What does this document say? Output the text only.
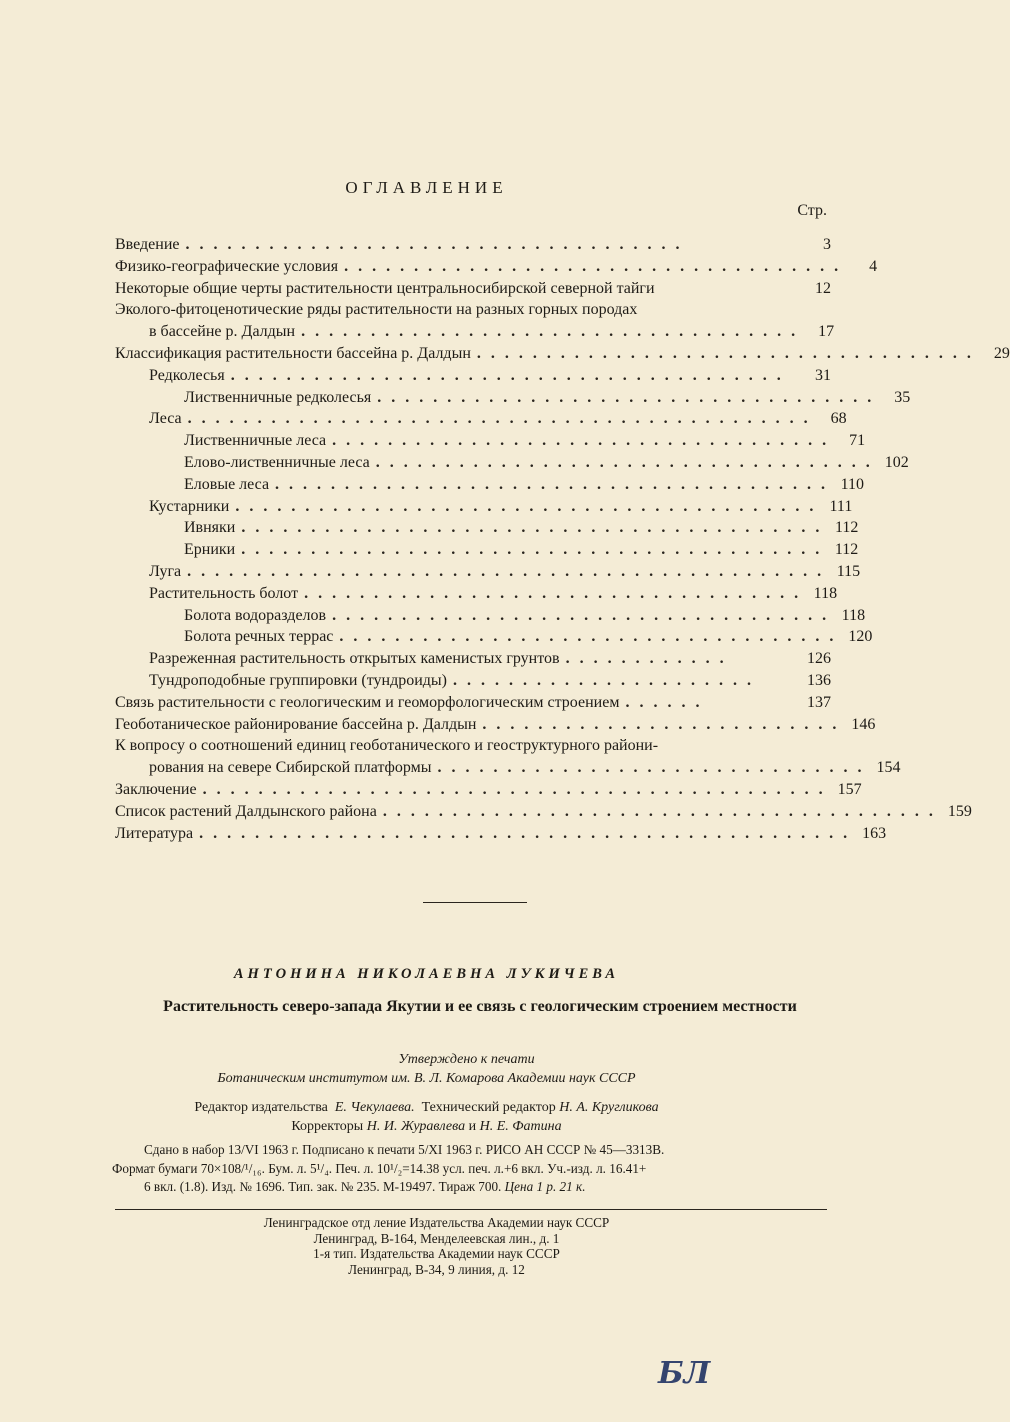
ОГЛАВЛЕНИЕ
Стр.
Введение . . . . . . . . . . . . . . . . . . . . . . . . . . . . . . . . . . . .	3
Физико-географические условия . . . . . . . . . . . . . . . . . . . . . . . . . . . . . . . . . . . .	4
Некоторые общие черты растительности центральносибирской северной тайги	12
Эколого-фитоценотические ряды растительности на разных горных породах
в бассейне р. Далдын . . . . . . . . . . . . . . . . . . . . . . . . . . . . . . . . . . . .	17
Классификация растительности бассейна р. Далдын . . . . . . . . . . . . . . . . . . . . . . . . . . . . . . . . . . . .	29
Редколесья . . . . . . . . . . . . . . . . . . . . . . . . . . . . . . . . . . . . . . . .	31
Лиственничные редколесья . . . . . . . . . . . . . . . . . . . . . . . . . . . . . . . . . . . .	35
Леса . . . . . . . . . . . . . . . . . . . . . . . . . . . . . . . . . . . . . . . . . . . . .	68
Лиственничные леса . . . . . . . . . . . . . . . . . . . . . . . . . . . . . . . . . . . .	71
Елово-лиственничные леса . . . . . . . . . . . . . . . . . . . . . . . . . . . . . . . . . . . . 102
Еловые леса . . . . . . . . . . . . . . . . . . . . . . . . . . . . . . . . . . . . . . . . 110
Кустарники . . . . . . . . . . . . . . . . . . . . . . . . . . . . . . . . . . . . . . . . . . 111
Ивняки . . . . . . . . . . . . . . . . . . . . . . . . . . . . . . . . . . . . . . . . . . 112
Ерники . . . . . . . . . . . . . . . . . . . . . . . . . . . . . . . . . . . . . . . . . . 112
Луга . . . . . . . . . . . . . . . . . . . . . . . . . . . . . . . . . . . . . . . . . . . . . . 115
Растительность болот . . . . . . . . . . . . . . . . . . . . . . . . . . . . . . . . . . . . 118
Болота водоразделов . . . . . . . . . . . . . . . . . . . . . . . . . . . . . . . . . . . . 118
Болота речных террас . . . . . . . . . . . . . . . . . . . . . . . . . . . . . . . . . . . . 120
Разреженная растительность открытых каменистых грунтов . . . . . . . . . . . .	126
Тундроподобные группировки (тундроиды) . . . . . . . . . . . . . . . . . . . . . .	136
Связь растительности с геологическим и геоморфологическим строением . . . . . .	137
Геоботаническое районирование бассейна р. Далдын . . . . . . . . . . . . . . . . . . . . . . . . . . 146
К вопросу о соотношений единиц геоботанического и геоструктурного райони-
рования на севере Сибирской платформы . . . . . . . . . . . . . . . . . . . . . . . . . . . . . . . 154
Заключение . . . . . . . . . . . . . . . . . . . . . . . . . . . . . . . . . . . . . . . . . . . . . 157
Список растений Далдынского района . . . . . . . . . . . . . . . . . . . . . . . . . . . . . . . . . . . . . . . . 159
Литература . . . . . . . . . . . . . . . . . . . . . . . . . . . . . . . . . . . . . . . . . . . . . . . 163
АНТОНИНА НИКОЛАЕВНА ЛУКИЧЕВА
Растительность северо-запада Якутии и ее связь с геологическим строением местности
Утверждено к печати
Ботаническим институтом им. В. Л. Комарова Академии наук СССР
Редактор издательства Е. Чекулаева. Технический редактор Н. А. Кругликова
Корректоры Н. И. Журавлева и Н. Е. Фатина
Сдано в набор 13/VI 1963 г. Подписано к печати 5/XI 1963 г. РИСО АН СССР № 45—3313В.
Формат бумаги 70×108/¹/₁₆. Бум. л. 5¹/₄. Печ. л. 10¹/₂=14.38 усл. печ. л.+6 вкл. Уч.-изд. л. 16.41+
6 вкл. (1.8). Изд. № 1696. Тип. зак. № 235. М-19497. Тираж 700. Цена 1 р. 21 к.
Ленинградское отд ление Издательства Академии наук СССР
Ленинград, В-164, Менделеевская лин., д. 1
1-я тип. Издательства Академии наук СССР
Ленинград, В-34, 9 линия, д. 12
БЛ
